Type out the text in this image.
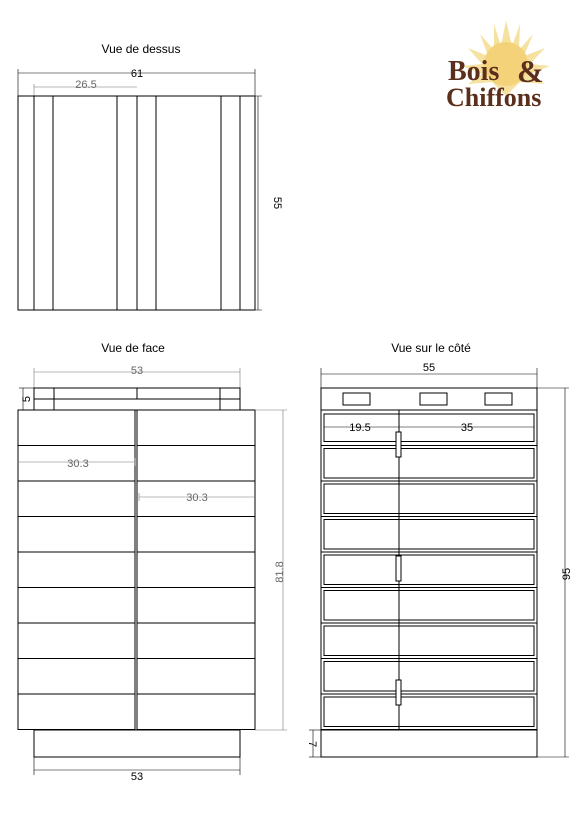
Bois &
Chiffons
Vue de dessus
61
26.5
55
Vue de face
53
5
30.3
30.3
81.8
53
Vue sur le côté
55
19.5	35
7
95
